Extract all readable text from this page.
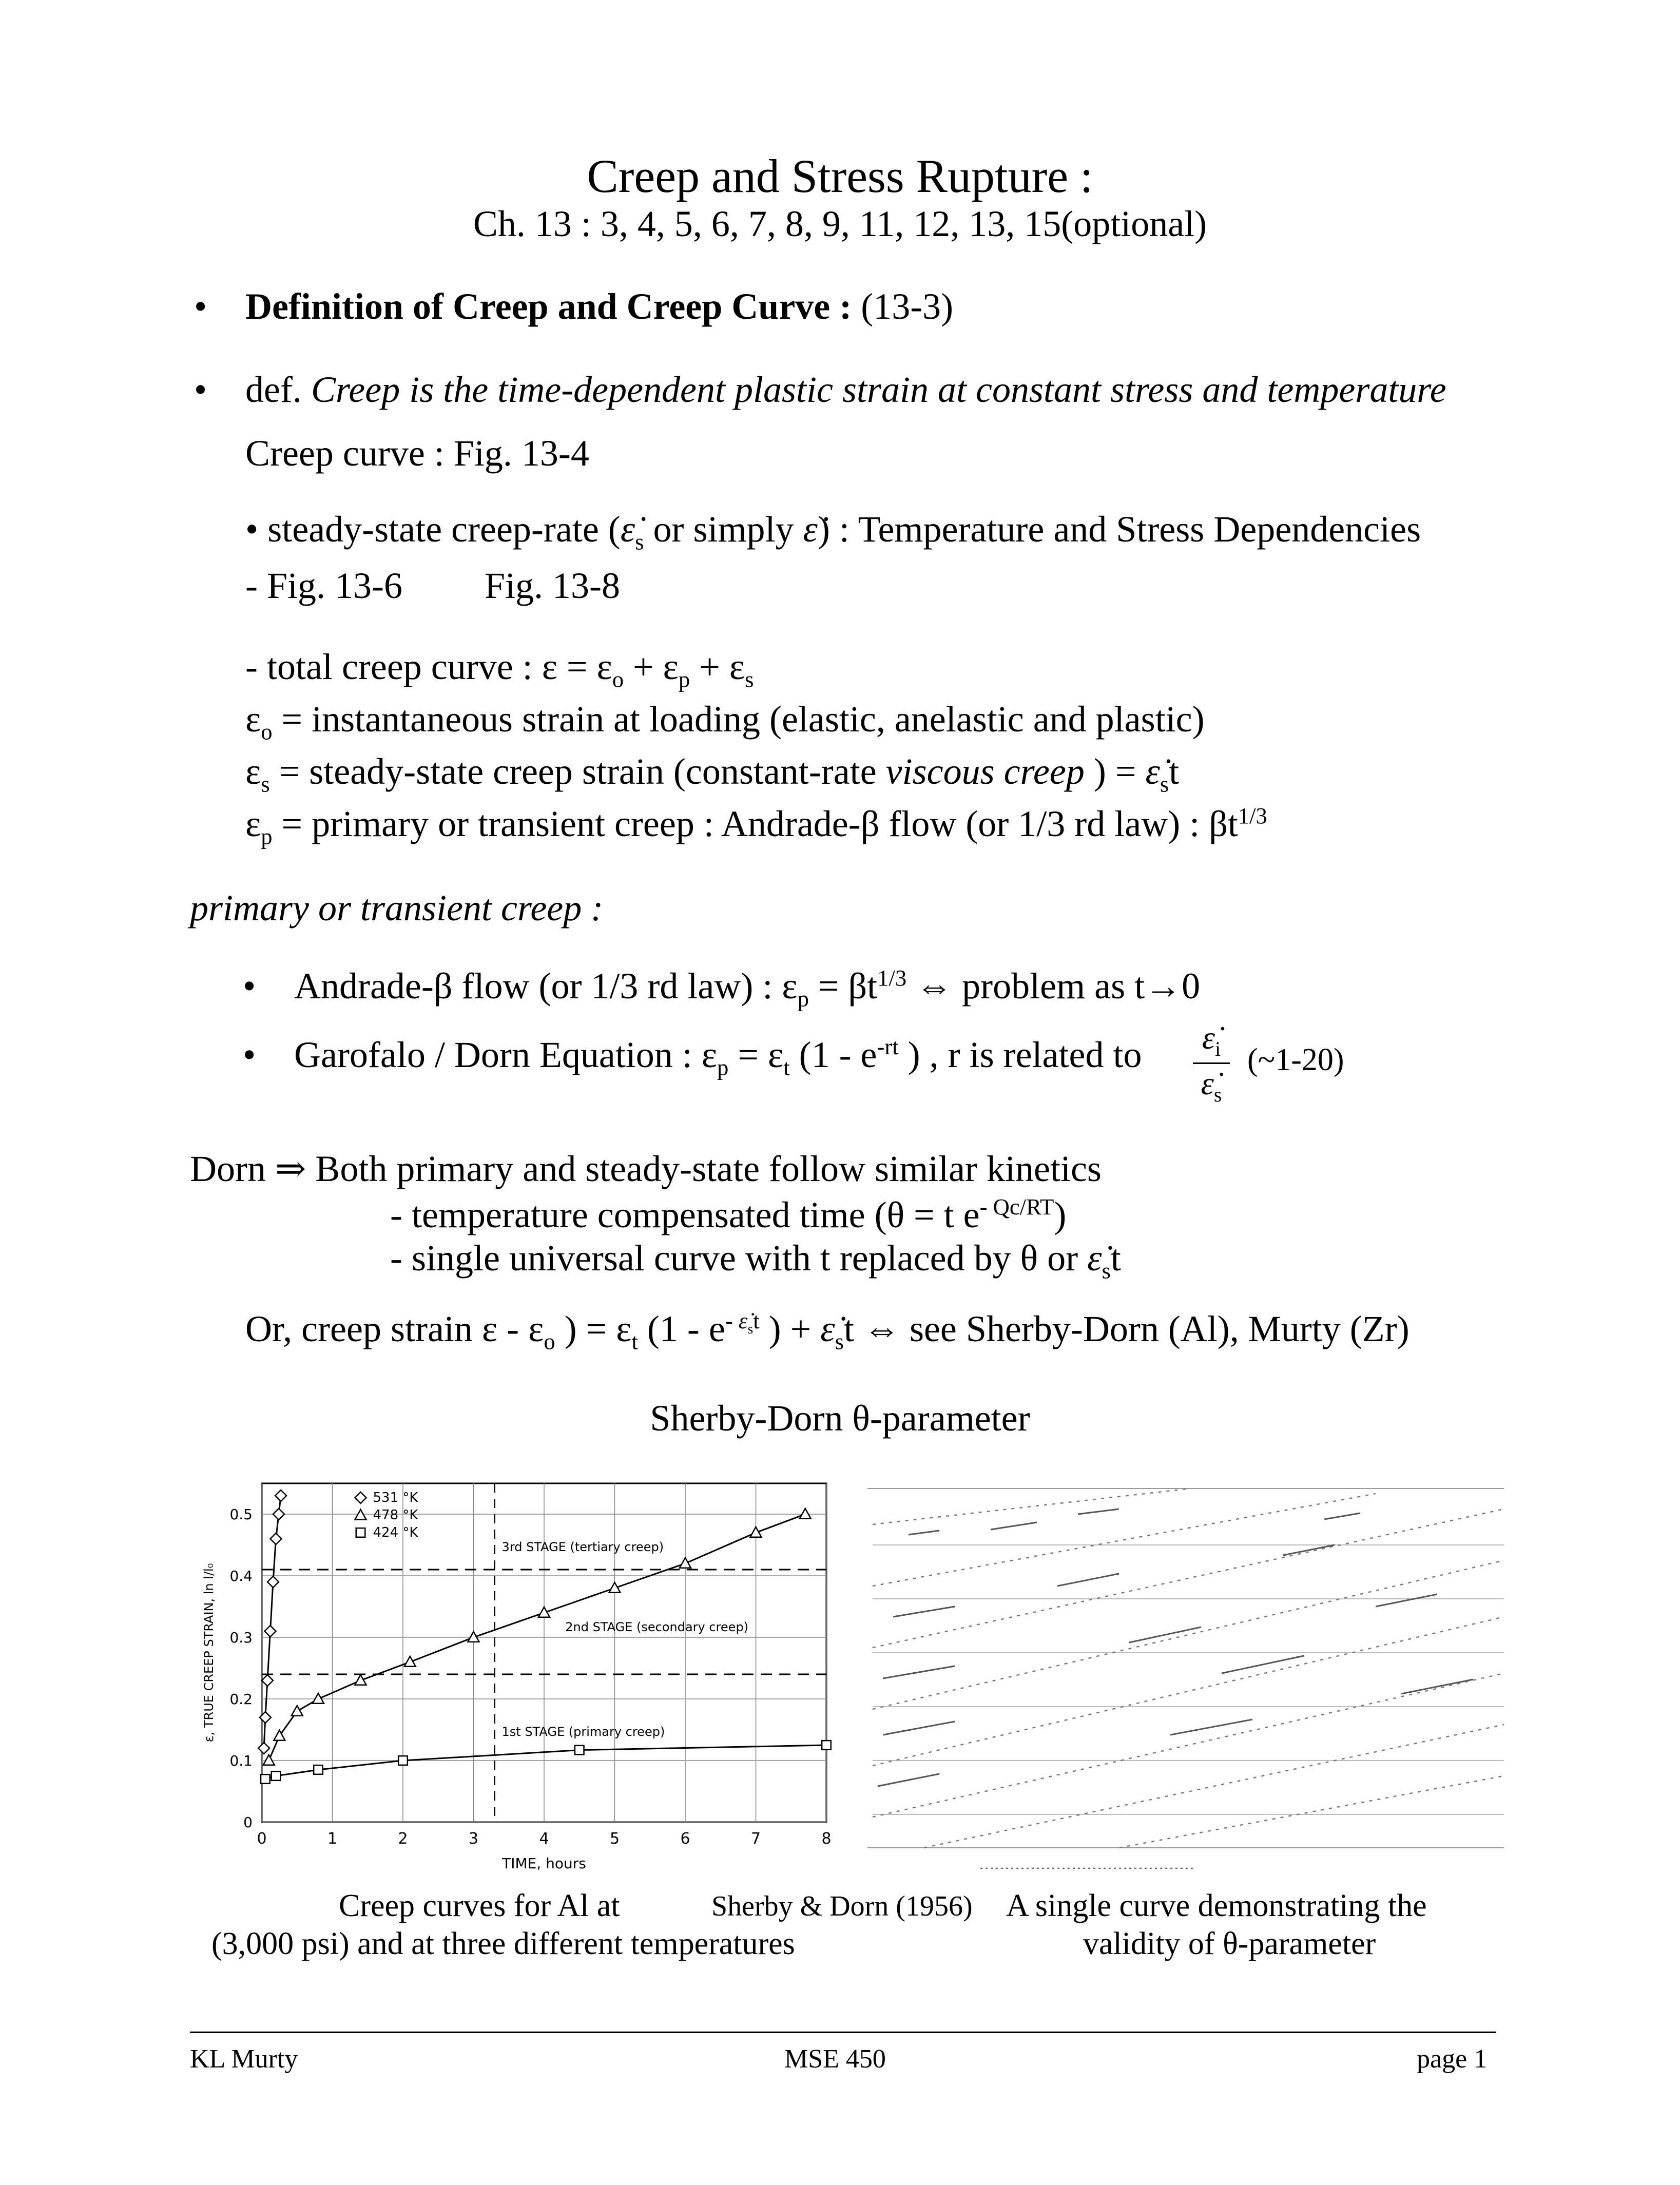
Creep and Stress Rupture :
Ch. 13 : 3, 4, 5, 6, 7, 8, 9, 11, 12, 13, 15(optional)
• Definition of Creep and Creep Curve : (13-3)
• def. Creep is the time-dependent plastic strain at constant stress and temperature
Creep curve : Fig. 13-4
• steady-state creep-rate ($\varepsiloṅ_s$ or simply ε̇) : Temperature and Stress Dependencies
- Fig. 13-6 Fig. 13-8
- total creep curve : $\varepsilon = \varepsilon_o + \varepsilon_p + \varepsilon_s$
$\varepsilon_o$ = instantaneous strain at loading (elastic, anelastic and plastic)
$\varepsilon_s$ = steady-state creep strain (constant-rate viscous creep ) = $\varepsiloṅ_st$
$\varepsilon_p$ = primary or transient creep : Andrade-β flow (or 1/3 rd law) : $\beta t^{1/3}$
primary or transient creep :
• Andrade-β flow (or 1/3 rd law) : $\varepsilon_p = \beta t^{1/3}$ ⇔ problem as t→0
• Garofalo / Dorn Equation : $\varepsilon_p = \varepsilon_t$ ($1 - e^{-rt}$ ) , r is related to	$\varepsiloṅ_i$
$\varepsiloṅ_s$
(~1-20)
Dorn ⇒ Both primary and steady-state follow similar kinetics
- temperature compensated time (θ = t $e^{- Qc/RT}$)
- single universal curve with t replaced by θ or $\varepsiloṅ_st$
Or, creep strain ε - $\varepsilon_o$ ) = $\varepsilon_t$ ($1 - e^{- \varepsiloṅ_st}$ ) + $\varepsiloṅ_st$ ⇔ see Sherby-Dorn (Al), Murty (Zr)
Sherby-Dorn θ-parameter
0	1	2	3	4	5	6	7	8
0
0.1
0.2
0.3
0.4
0.5
TIME, hours
ε, TRUE CREEP STRAIN, ln l/l₀
3rd STAGE (tertiary creep)
2nd STAGE (secondary creep)
1st STAGE (primary creep)
531 °K
478 °K
424 °K
Creep curves for Al at
(3,000 psi) and at three different temperatures
Sherby & Dorn (1956) A single curve demonstrating the
validity of θ-parameter
KL Murty	MSE 450	page 1
